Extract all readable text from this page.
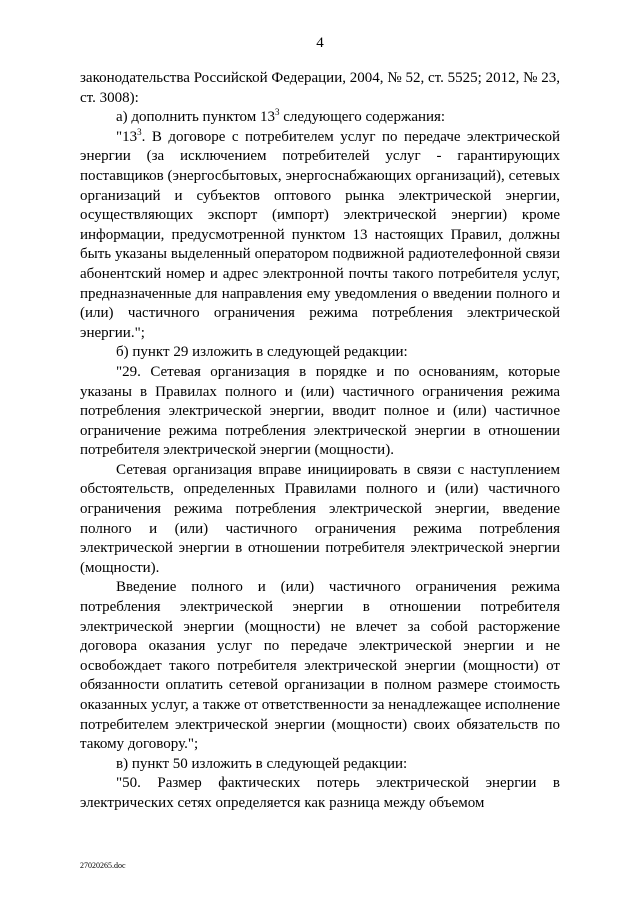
4

законодательства Российской Федерации, 2004, № 52, ст. 5525; 2012, № 23, ст. 3008):

а) дополнить пунктом $13^3$ следующего содержания:

"$13^3$. В договоре с потребителем услуг по передаче электрической энергии (за исключением потребителей услуг - гарантирующих поставщиков (энергосбытовых, энергоснабжающих организаций), сетевых организаций и субъектов оптового рынка электрической энергии, осуществляющих экспорт (импорт) электрической энергии) кроме информации, предусмотренной пунктом 13 настоящих Правил, должны быть указаны выделенный оператором подвижной радиотелефонной связи абонентский номер и адрес электронной почты такого потребителя услуг, предназначенные для направления ему уведомления о введении полного и (или) частичного ограничения режима потребления электрической энергии.";

б) пункт 29 изложить в следующей редакции:

"29. Сетевая организация в порядке и по основаниям, которые указаны в Правилах полного и (или) частичного ограничения режима потребления электрической энергии, вводит полное и (или) частичное ограничение режима потребления электрической энергии в отношении потребителя электрической энергии (мощности).

Сетевая организация вправе инициировать в связи с наступлением обстоятельств, определенных Правилами полного и (или) частичного ограничения режима потребления электрической энергии, введение полного и (или) частичного ограничения режима потребления электрической энергии в отношении потребителя электрической энергии (мощности).

Введение полного и (или) частичного ограничения режима потребления электрической энергии в отношении потребителя электрической энергии (мощности) не влечет за собой расторжение договора оказания услуг по передаче электрической энергии и не освобождает такого потребителя электрической энергии (мощности) от обязанности оплатить сетевой организации в полном размере стоимость оказанных услуг, а также от ответственности за ненадлежащее исполнение потребителем электрической энергии (мощности) своих обязательств по такому договору.";

в) пункт 50 изложить в следующей редакции:

"50. Размер фактических потерь электрической энергии в электрических сетях определяется как разница между объемом

27020265.doc
